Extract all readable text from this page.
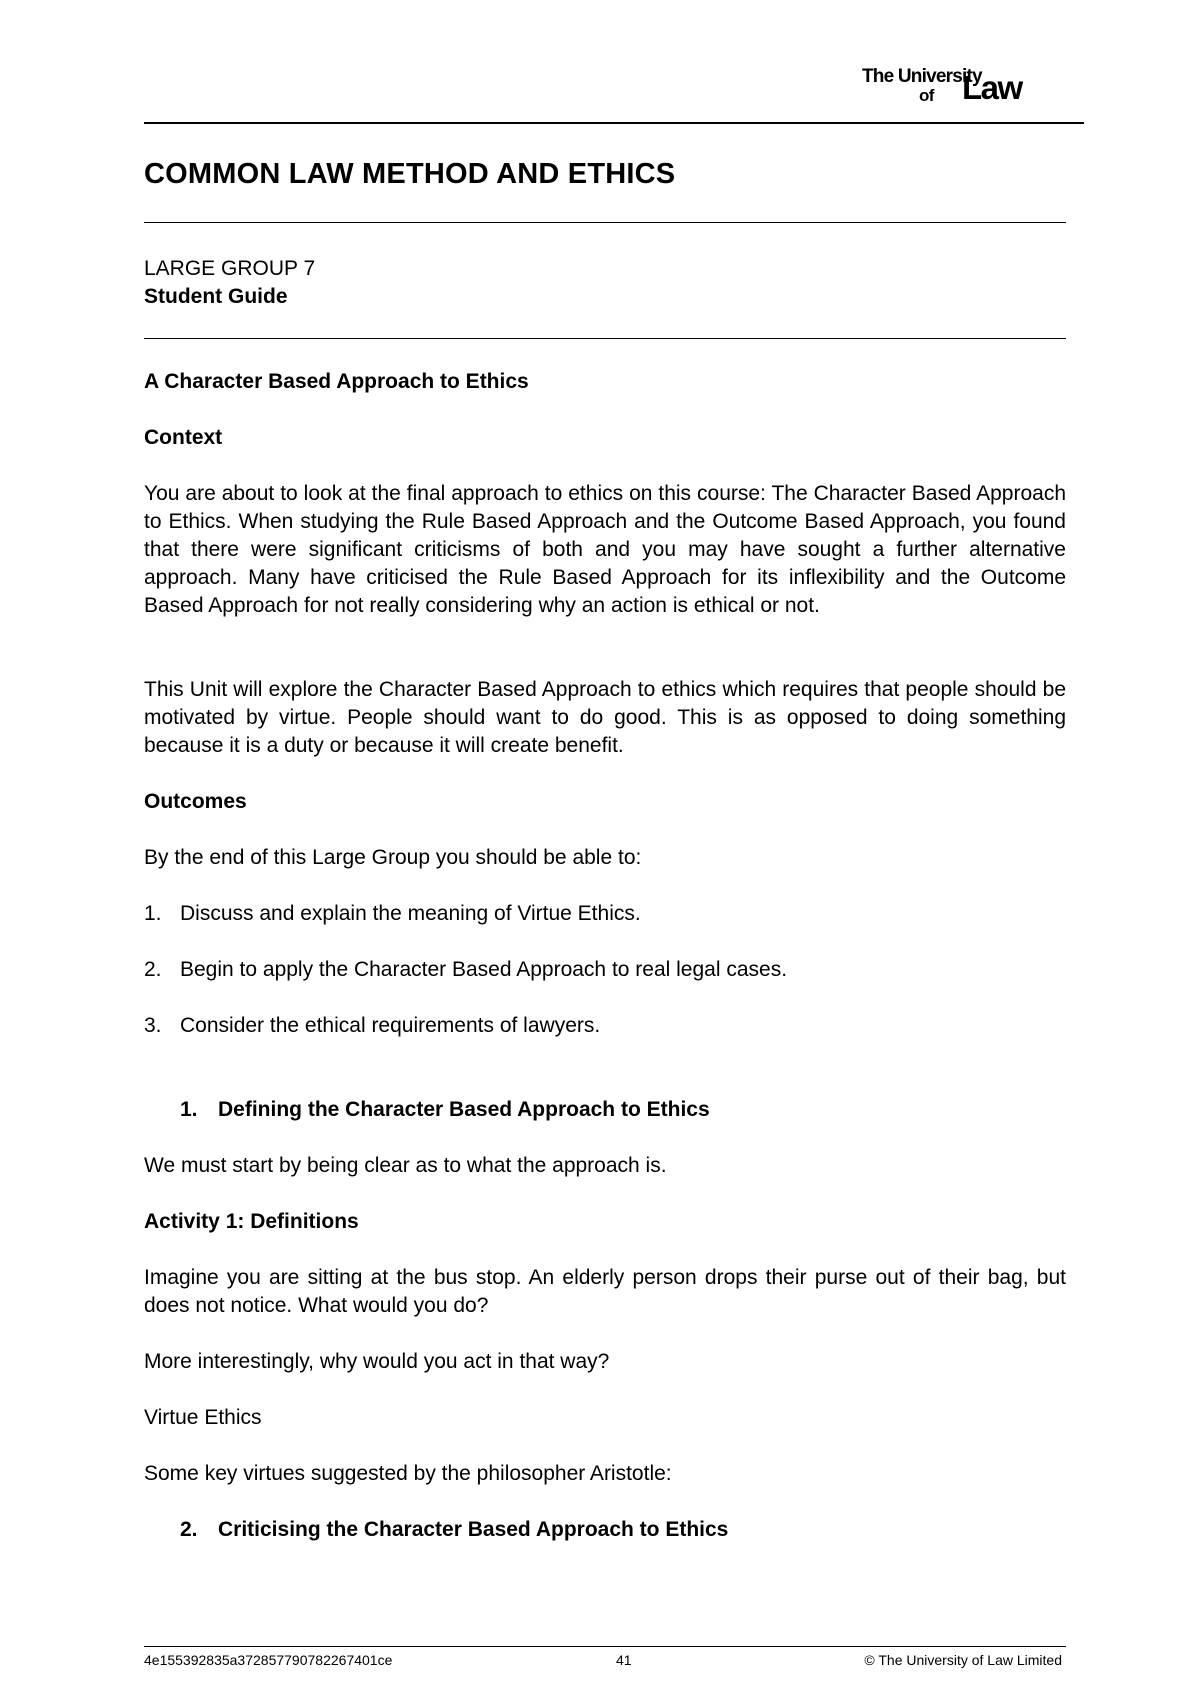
The University
of Law
COMMON LAW METHOD AND ETHICS
LARGE GROUP 7
Student Guide

A Character Based Approach to Ethics

Context

You are about to look at the final approach to ethics on this course: The Character Based Approach to Ethics. When studying the Rule Based Approach and the Outcome Based Approach, you found that there were significant criticisms of both and you may have sought a further alternative approach. Many have criticised the Rule Based Approach for its inflexibility and the Outcome Based Approach for not really considering why an action is ethical or not.

This Unit will explore the Character Based Approach to ethics which requires that people should be motivated by virtue. People should want to do good. This is as opposed to doing something because it is a duty or because it will create benefit.

Outcomes

By the end of this Large Group you should be able to:

1. Discuss and explain the meaning of Virtue Ethics.
2. Begin to apply the Character Based Approach to real legal cases.
3. Consider the ethical requirements of lawyers.
1. Defining the Character Based Approach to Ethics

We must start by being clear as to what the approach is.

Activity 1: Definitions

Imagine you are sitting at the bus stop. An elderly person drops their purse out of their bag, but does not notice. What would you do?

More interestingly, why would you act in that way?

Virtue Ethics

Some key virtues suggested by the philosopher Aristotle:

2. Criticising the Character Based Approach to Ethics
4e155392835a372857790782267401ce	41	© The University of Law Limited
